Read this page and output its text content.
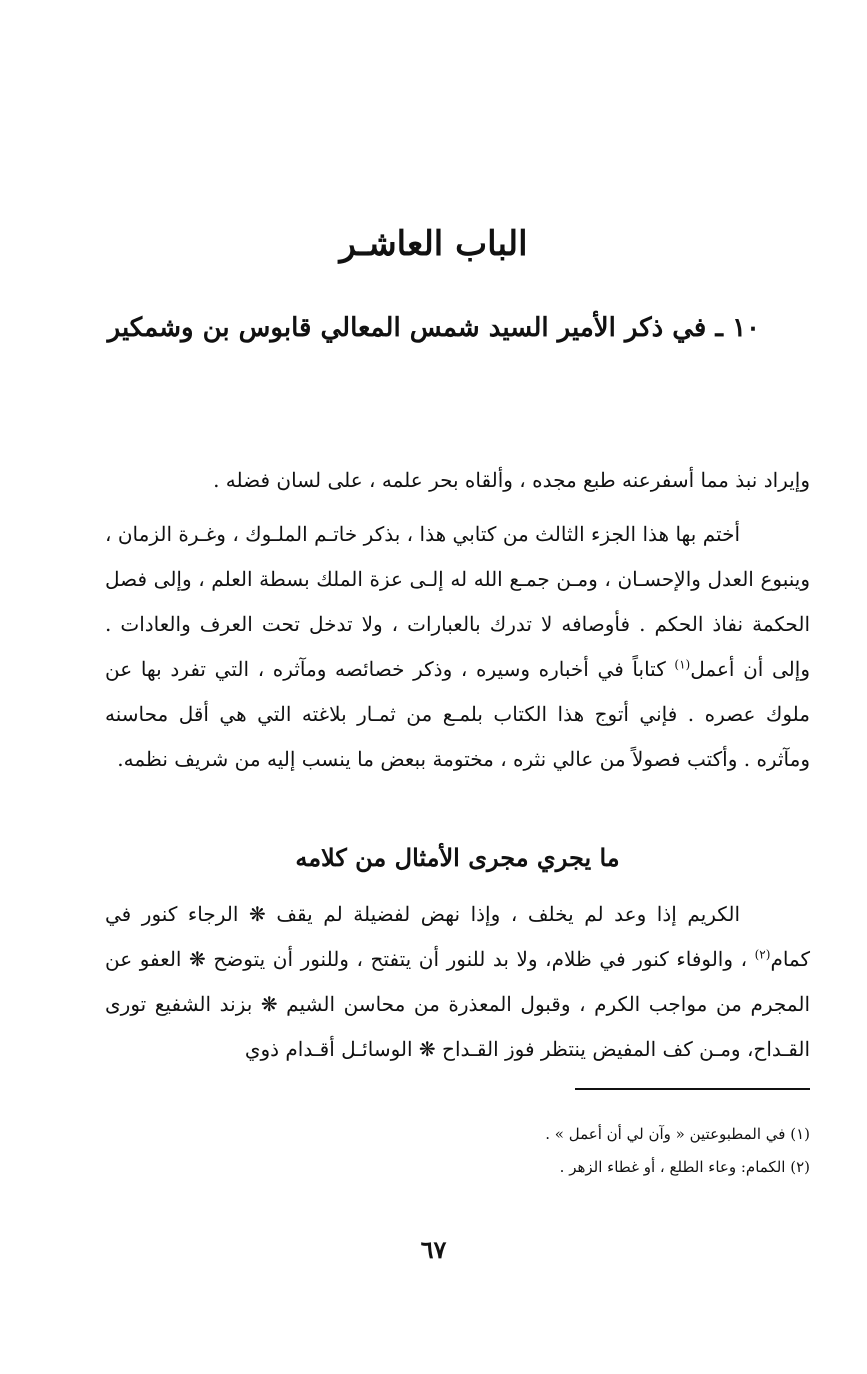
الباب العاشـر
١٠ ـ في ذكر الأمير السيد شمس المعالي قابوس بن وشمكير

وإيراد نبذ مما أسفرعنه طبع مجده ، وألقاه بحر علمه ، على لسان فضله .

أختم بها هذا الجزء الثالث من كتابي هذا ، بذكر خاتـم الملـوك ، وغـرة الزمان ، وينبوع العدل والإحسـان ، ومـن جمـع الله له إلـى عزة الملك بسطة العلم ، وإلى فصل الحكمة نفاذ الحكم . فأوصافه لا تدرك بالعبارات ، ولا تدخل تحت العرف والعادات . وإلى أن أعمل$^{(١)}$ كتاباً في أخباره وسيره ، وذكر خصائصه ومآثره ، التي تفرد بها عن ملوك عصره . فإني أتوج هذا الكتاب بلمـع من ثمـار بلاغته التي هي أقل محاسنه ومآثره . وأكتب فصولاً من عالي نثره ، مختومة ببعض ما ينسب إليه من شريف نظمه.

ما يجري مجرى الأمثال من كلامه

الكريم إذا وعد لم يخلف ، وإذا نهض لفضيلة لم يقف ❋ الرجاء كنور في كمام$^{(٢)}$ ، والوفاء كنور في ظلام، ولا بد للنور أن يتفتح ، وللنور أن يتوضح ❋ العفو عن المجرم من مواجب الكرم ، وقبول المعذرة من محاسن الشيم ❋ بزند الشفيع تورى القـداح، ومـن كف المفيض ينتظر فوز القـداح ❋ الوسائـل أقـدام ذوي

(١) في المطبوعتين « وآن لي أن أعمل » .
(٢) الكمام: وعاء الطلع ، أو غطاء الزهر .
٦٧
